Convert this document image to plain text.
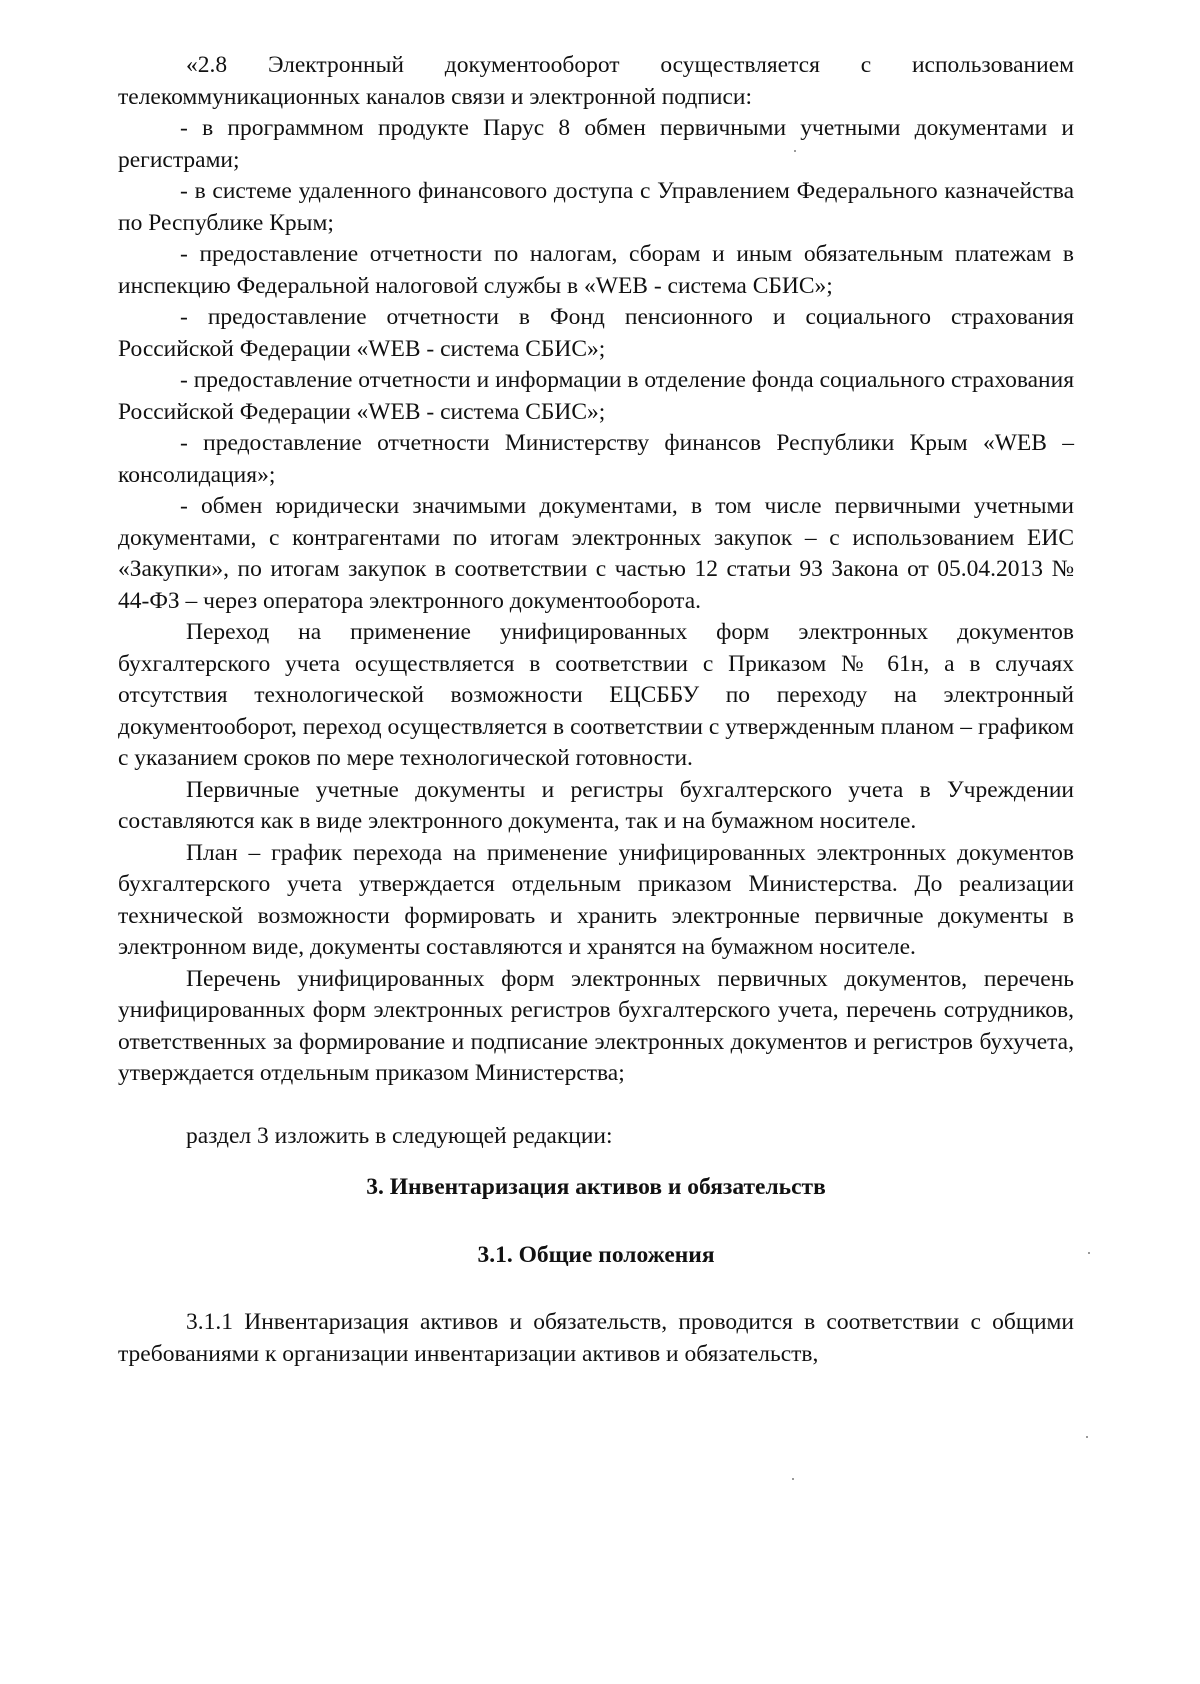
«2.8 Электронный документооборот осуществляется с использованием телекоммуникационных каналов связи и электронной подписи:

- в программном продукте Парус 8 обмен первичными учетными документами и регистрами;

- в системе удаленного финансового доступа с Управлением Федерального казначейства по Республике Крым;

- предоставление отчетности по налогам, сборам и иным обязательным платежам в инспекцию Федеральной налоговой службы в «WEB - система СБИС»;

- предоставление отчетности в Фонд пенсионного и социального страхования Российской Федерации «WEB - система СБИС»;

- предоставление отчетности и информации в отделение фонда социального страхования Российской Федерации «WEB - система СБИС»;

- предоставление отчетности Министерству финансов Республики Крым «WEB – консолидация»;

- обмен юридически значимыми документами, в том числе первичными учетными документами, с контрагентами по итогам электронных закупок – с использованием ЕИС «Закупки», по итогам закупок в соответствии с частью 12 статьи 93 Закона от 05.04.2013 № 44-ФЗ – через оператора электронного документооборота.

Переход на применение унифицированных форм электронных документов бухгалтерского учета осуществляется в соответствии с Приказом № 61н, а в случаях отсутствия технологической возможности ЕЦСББУ по переходу на электронный документооборот, переход осуществляется в соответствии с утвержденным планом – графиком с указанием сроков по мере технологической готовности.

Первичные учетные документы и регистры бухгалтерского учета в Учреждении составляются как в виде электронного документа, так и на бумажном носителе.

План – график перехода на применение унифицированных электронных документов бухгалтерского учета утверждается отдельным приказом Министерства. До реализации технической возможности формировать и хранить электронные первичные документы в электронном виде, документы составляются и хранятся на бумажном носителе.

Перечень унифицированных форм электронных первичных документов, перечень унифицированных форм электронных регистров бухгалтерского учета, перечень сотрудников, ответственных за формирование и подписание электронных документов и регистров бухучета, утверждается отдельным приказом Министерства;

раздел 3 изложить в следующей редакции:

3. Инвентаризация активов и обязательств
3.1. Общие положения

3.1.1 Инвентаризация активов и обязательств, проводится в соответствии с общими требованиями к организации инвентаризации активов и обязательств,
